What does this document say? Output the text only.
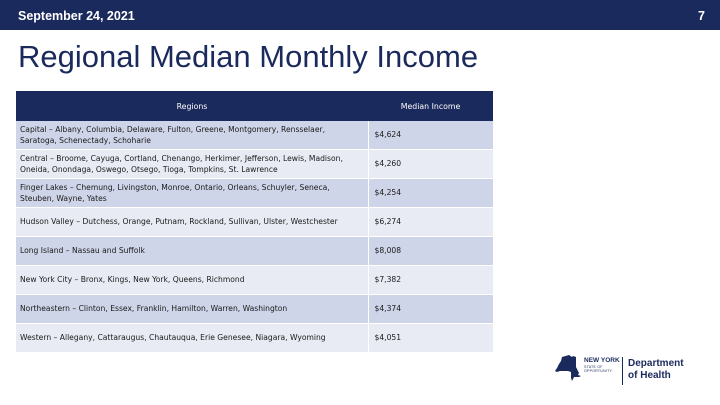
September 24, 2021	7
Regional Median Monthly Income
Regions	Median Income
Capital – Albany, Columbia, Delaware, Fulton, Greene, Montgomery, Rensselaer, Saratoga, Schenectady, Schoharie	$4,624
Central – Broome, Cayuga, Cortland, Chenango, Herkimer, Jefferson, Lewis, Madison, Oneida, Onondaga, Oswego, Otsego, Tioga, Tompkins, St. Lawrence	$4,260
Finger Lakes – Chemung, Livingston, Monroe, Ontario, Orleans, Schuyler, Seneca, Steuben, Wayne, Yates	$4,254
Hudson Valley – Dutchess, Orange, Putnam, Rockland, Sullivan, Ulster, Westchester	$6,274
Long Island – Nassau and Suffolk	$8,008
New York City – Bronx, Kings, New York, Queens, Richmond	$7,382
Northeastern – Clinton, Essex, Franklin, Hamilton, Warren, Washington	$4,374
Western – Allegany, Cattaraugus, Chautauqua, Erie Genesee, Niagara, Wyoming	$4,051
NEW YORK
STATE OF
OPPORTUNITY.
Department
of Health
